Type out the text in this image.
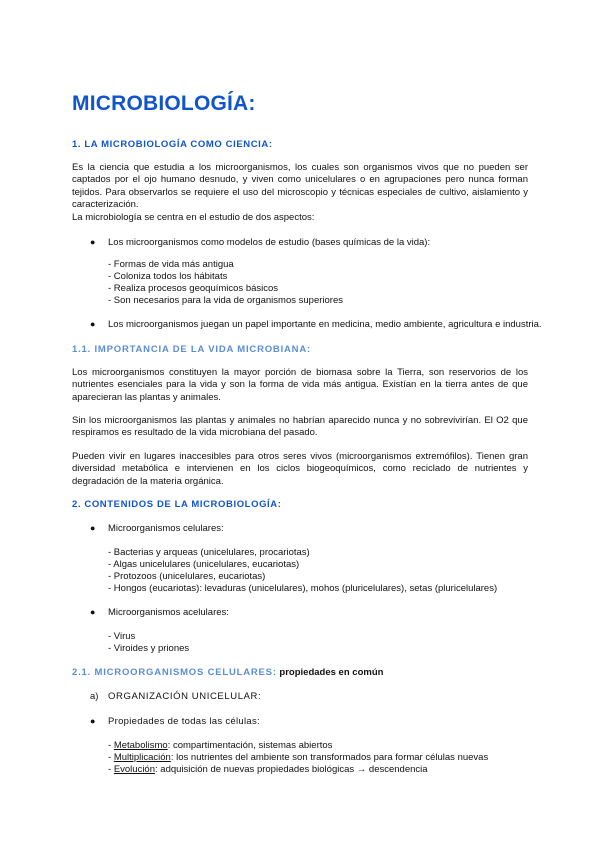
MICROBIOLOGÍA:
1. LA MICROBIOLOGÍA COMO CIENCIA:

Es la ciencia que estudia a los microorganismos, los cuales son organismos vivos que no pueden ser captados por el ojo humano desnudo, y viven como unicelulares o en agrupaciones pero nunca forman tejidos. Para observarlos se requiere el uso del microscopio y técnicas especiales de cultivo, aislamiento y caracterización.

La microbiología se centra en el estudio de dos aspectos:

● Los microorganismos como modelos de estudio (bases químicas de la vida):

- Formas de vida más antigua

- Coloniza todos los hábitats

- Realiza procesos geoquímicos básicos

- Son necesarios para la vida de organismos superiores

● Los microorganismos juegan un papel importante en medicina, medio ambiente, agricultura e industria.

1.1. IMPORTANCIA DE LA VIDA MICROBIANA:

Los microorganismos constituyen la mayor porción de biomasa sobre la Tierra, son reservorios de los nutrientes esenciales para la vida y son la forma de vida más antigua. Existían en la tierra antes de que aparecieran las plantas y animales.

Sin los microorganismos las plantas y animales no habrían aparecido nunca y no sobrevivirían. El O2 que respiramos es resultado de la vida microbiana del pasado.

Pueden vivir en lugares inaccesibles para otros seres vivos (microorganismos extremófilos). Tienen gran diversidad metabólica e intervienen en los ciclos biogeoquímicos, como reciclado de nutrientes y degradación de la materia orgánica.

2. CONTENIDOS DE LA MICROBIOLOGÍA:
● Microorganismos celulares:

- Bacterias y arqueas (unicelulares, procariotas)

- Algas unicelulares (unicelulares, eucariotas)

- Protozoos (unicelulares, eucariotas)

- Hongos (eucariotas): levaduras (unicelulares), mohos (pluricelulares), setas (pluricelulares)

● Microorganismos acelulares:

- Virus

- Viroides y priones

2.1. MICROORGANISMOS CELULARES: propiedades en común

a) ORGANIZACIÓN UNICELULAR:

● Propiedades de todas las células:

- Metabolismo: compartimentación, sistemas abiertos

- Multiplicación: los nutrientes del ambiente son transformados para formar células nuevas

- Evolución: adquisición de nuevas propiedades biológicas → descendencia
